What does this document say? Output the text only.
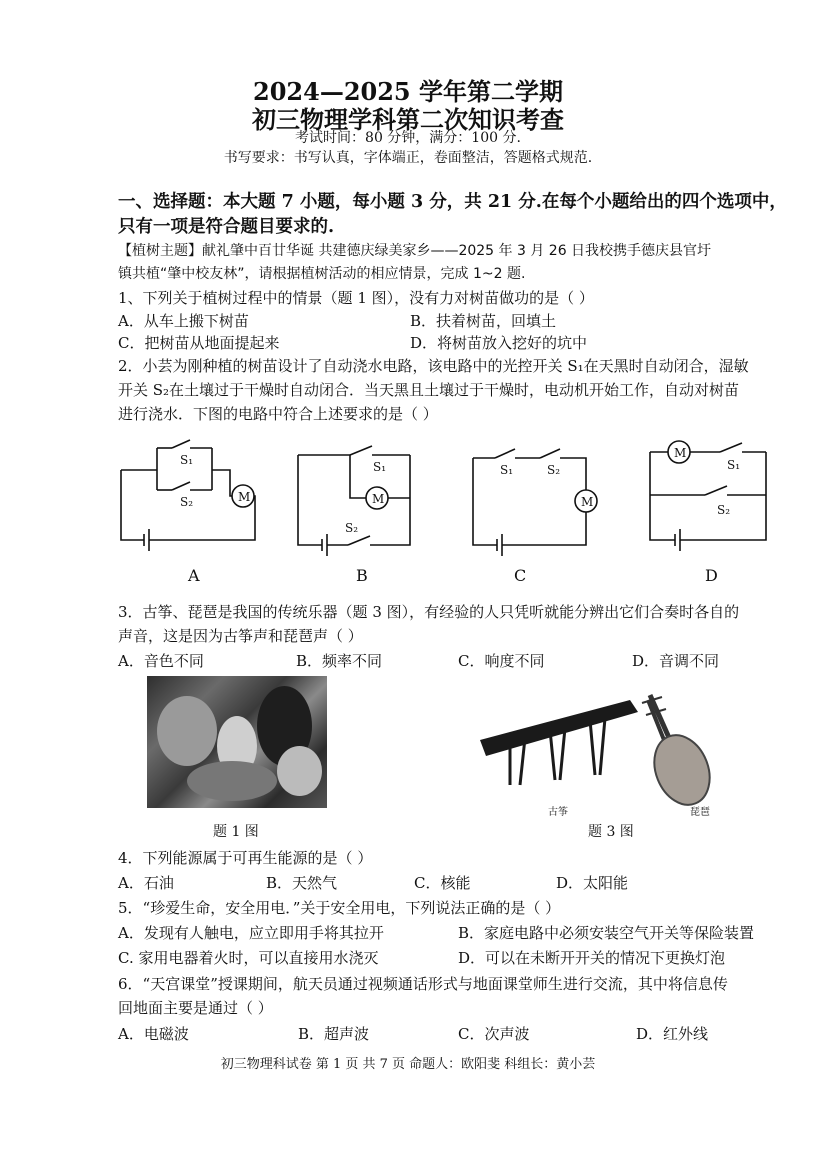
2024—2025 学年第二学期
初三物理学科第二次知识考查
考试时间：80 分钟，满分：100 分.
书写要求：书写认真，字体端正，卷面整洁，答题格式规范.
一、选择题：本大题 7 小题，每小题 3 分，共 21 分.在每个小题给出的四个选项中，
只有一项是符合题目要求的.
【植树主题】献礼肇中百廿华诞 共建德庆绿美家乡——2025 年 3 月 26 日我校携手德庆县官圩
镇共植“肇中校友林”，请根据植树活动的相应情景，完成 1~2 题.
1、下列关于植树过程中的情景（题 1 图），没有力对树苗做功的是（ ）
A．从车上搬下树苗	B．扶着树苗，回填土
C．把树苗从地面提起来	D．将树苗放入挖好的坑中
2．小芸为刚种植的树苗设计了自动浇水电路，该电路中的光控开关 S₁在天黑时自动闭合，湿敏
开关 S₂在土壤过于干燥时自动闭合．当天黑且土壤过于干燥时，电动机开始工作，自动对树苗
进行浇水．下图的电路中符合上述要求的是（ ）
S₁
S₂	M
S₁
S₂
M
S₁	S₂
M
S₁
S₂
M
A	B	C	D
3．古筝、琵琶是我国的传统乐器（题 3 图），有经验的人只凭听就能分辨出它们合奏时各自的
声音，这是因为古筝声和琵琶声（ ）
A．音色不同	B．频率不同	C．响度不同	D．音调不同
题 1 图
古筝	琵琶
题 3 图
4．下列能源属于可再生能源的是（ ）
A．石油	B．天然气	C．核能	D．太阳能
5．“珍爱生命，安全用电．”关于安全用电，下列说法正确的是（ ）
A．发现有人触电，应立即用手将其拉开	B．家庭电路中必须安装空气开关等保险装置
C. 家用电器着火时，可以直接用水浇灭	D．可以在未断开开关的情况下更换灯泡
6．“天宫课堂”授课期间，航天员通过视频通话形式与地面课堂师生进行交流，其中将信息传
回地面主要是通过（ ）
A．电磁波	B．超声波	C．次声波	D．红外线
初三物理科试卷 第 1 页 共 7 页 命题人：欧阳斐 科组长：黄小芸
